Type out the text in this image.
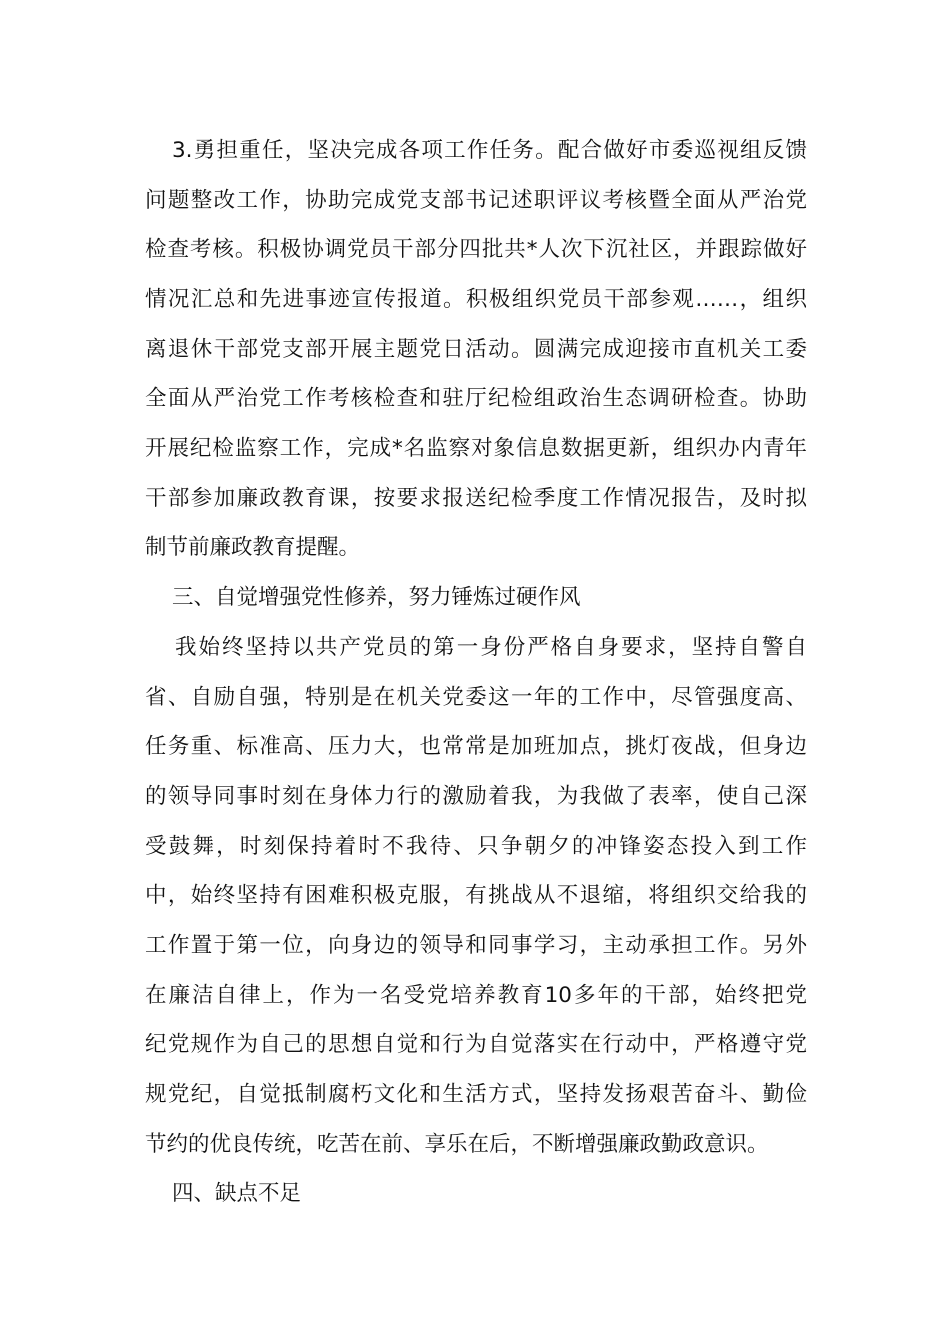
3.勇担重任，坚决完成各项工作任务。配合做好市委巡视组反馈
问题整改工作，协助完成党支部书记述职评议考核暨全面从严治党
检查考核。积极协调党员干部分四批共*人次下沉社区，并跟踪做好
情况汇总和先进事迹宣传报道。积极组织党员干部参观……，组织
离退休干部党支部开展主题党日活动。圆满完成迎接市直机关工委
全面从严治党工作考核检查和驻厅纪检组政治生态调研检查。协助
开展纪检监察工作，完成*名监察对象信息数据更新，组织办内青年
干部参加廉政教育课，按要求报送纪检季度工作情况报告，及时拟
制节前廉政教育提醒。
三、自觉增强党性修养，努力锤炼过硬作风
我始终坚持以共产党员的第一身份严格自身要求，坚持自警自
省、自励自强，特别是在机关党委这一年的工作中，尽管强度高、
任务重、标准高、压力大，也常常是加班加点，挑灯夜战，但身边
的领导同事时刻在身体力行的激励着我，为我做了表率，使自己深
受鼓舞，时刻保持着时不我待、只争朝夕的冲锋姿态投入到工作
中，始终坚持有困难积极克服，有挑战从不退缩，将组织交给我的
工作置于第一位，向身边的领导和同事学习，主动承担工作。另外
在廉洁自律上，作为一名受党培养教育10多年的干部，始终把党
纪党规作为自己的思想自觉和行为自觉落实在行动中，严格遵守党
规党纪，自觉抵制腐朽文化和生活方式，坚持发扬艰苦奋斗、勤俭
节约的优良传统，吃苦在前、享乐在后，不断增强廉政勤政意识。
四、缺点不足
